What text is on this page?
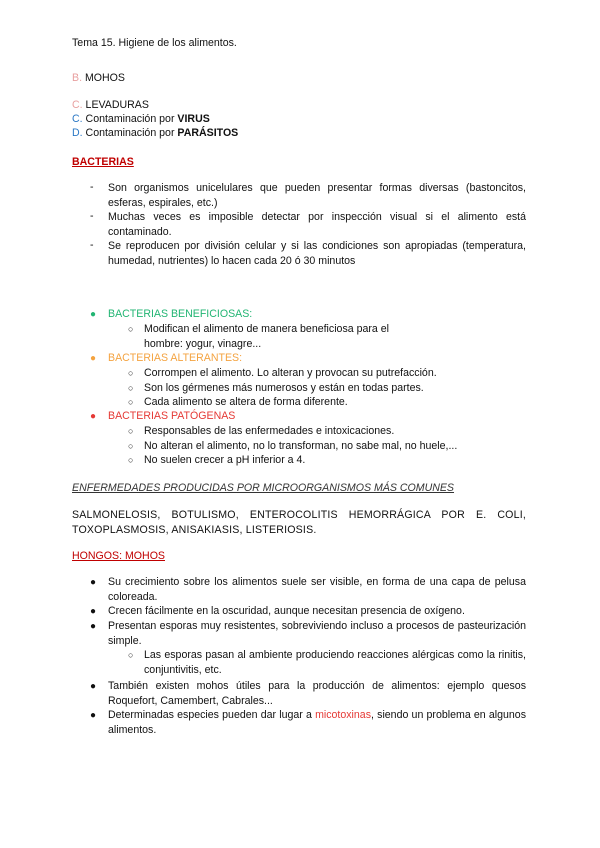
Tema 15. Higiene de los alimentos.
B. MOHOS
C. LEVADURAS
C. Contaminación por VIRUS
D. Contaminación por PARÁSITOS
BACTERIAS
- Son organismos unicelulares que pueden presentar formas diversas (bastoncitos, esferas, espirales, etc.)
- Muchas veces es imposible detectar por inspección visual si el alimento está contaminado.
- Se reproducen por división celular y si las condiciones son apropiadas (temperatura, humedad, nutrientes) lo hacen cada 20 ó 30 minutos
● BACTERIAS BENEFICIOSAS:
○ Modifican el alimento de manera beneficiosa para el hombre: yogur, vinagre...
● BACTERIAS ALTERANTES:
○ Corrompen el alimento. Lo alteran y provocan su putrefacción.
○ Son los gérmenes más numerosos y están en todas partes.
○ Cada alimento se altera de forma diferente.
● BACTERIAS PATÓGENAS
○ Responsables de las enfermedades e intoxicaciones.
○ No alteran el alimento, no lo transforman, no sabe mal, no huele,...
○ No suelen crecer a pH inferior a 4.
ENFERMEDADES PRODUCIDAS POR MICROORGANISMOS MÁS COMUNES
SALMONELOSIS, BOTULISMO, ENTEROCOLITIS HEMORRÁGICA POR E. COLI, TOXOPLASMOSIS, ANISAKIASIS, LISTERIOSIS.
HONGOS: MOHOS
● Su crecimiento sobre los alimentos suele ser visible, en forma de una capa de pelusa coloreada.
● Crecen fácilmente en la oscuridad, aunque necesitan presencia de oxígeno.
● Presentan esporas muy resistentes, sobreviviendo incluso a procesos de pasteurización simple.
○ Las esporas pasan al ambiente produciendo reacciones alérgicas como la rinitis, conjuntivitis, etc.
● También existen mohos útiles para la producción de alimentos: ejemplo quesos Roquefort, Camembert, Cabrales...
● Determinadas especies pueden dar lugar a micotoxinas, siendo un problema en algunos alimentos.
